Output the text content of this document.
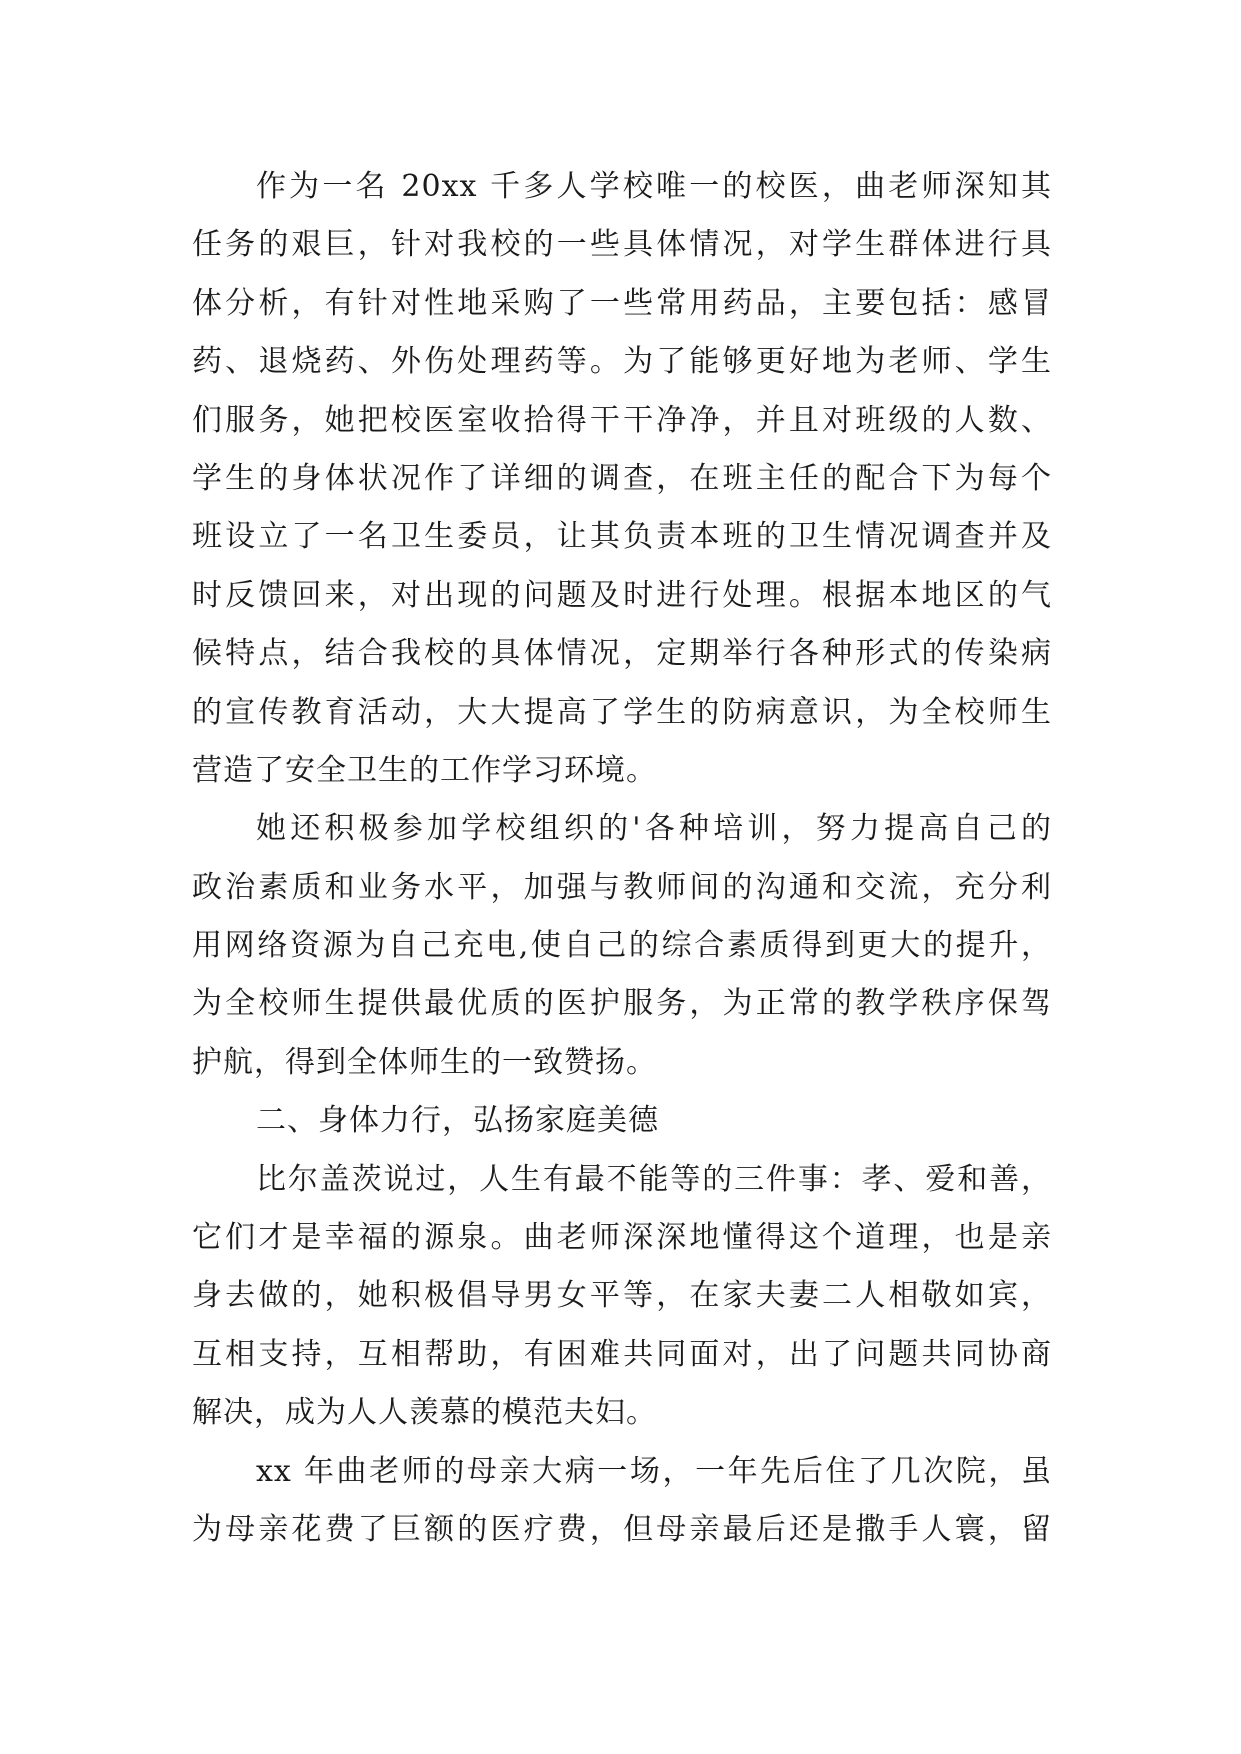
作为一名 20xx 千多人学校唯一的校医，曲老师深知其
任务的艰巨，针对我校的一些具体情况，对学生群体进行具
体分析，有针对性地采购了一些常用药品，主要包括：感冒
药、退烧药、外伤处理药等。为了能够更好地为老师、学生
们服务，她把校医室收拾得干干净净，并且对班级的人数、
学生的身体状况作了详细的调查，在班主任的配合下为每个
班设立了一名卫生委员，让其负责本班的卫生情况调查并及
时反馈回来，对出现的问题及时进行处理。根据本地区的气
候特点，结合我校的具体情况，定期举行各种形式的传染病
的宣传教育活动，大大提高了学生的防病意识，为全校师生
营造了安全卫生的工作学习环境。
她还积极参加学校组织的'各种培训，努力提高自己的
政治素质和业务水平，加强与教师间的沟通和交流，充分利
用网络资源为自己充电,使自己的综合素质得到更大的提升，
为全校师生提供最优质的医护服务，为正常的教学秩序保驾
护航，得到全体师生的一致赞扬。
二、身体力行，弘扬家庭美德
比尔盖茨说过，人生有最不能等的三件事：孝、爱和善，
它们才是幸福的源泉。曲老师深深地懂得这个道理，也是亲
身去做的，她积极倡导男女平等，在家夫妻二人相敬如宾，
互相支持，互相帮助，有困难共同面对，出了问题共同协商
解决，成为人人羡慕的模范夫妇。
xx 年曲老师的母亲大病一场，一年先后住了几次院，虽
为母亲花费了巨额的医疗费，但母亲最后还是撒手人寰，留
